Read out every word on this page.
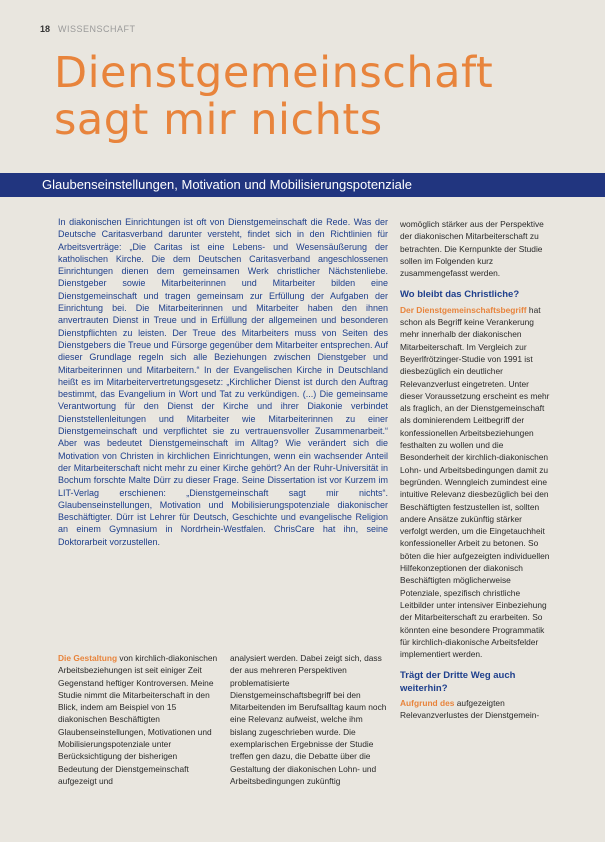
18 WISSENSCHAFT
Dienstgemeinschaft
sagt mir nichts
Glaubenseinstellungen, Motivation und Mobilisierungspotenziale

In diakonischen Einrichtungen ist oft von Dienstgemeinschaft die Rede. Was der Deutsche Caritasverband darunter versteht, findet sich in den Richtlinien für Arbeitsverträge: „Die Caritas ist eine Lebens- und Wesensäußerung der katholischen Kirche. Die dem Deutschen Caritasverband angeschlossenen Einrichtungen dienen dem gemeinsamen Werk christlicher Nächstenliebe. Dienstgeber sowie Mitarbeiterinnen und Mitarbeiter bilden eine Dienstgemeinschaft und tragen gemeinsam zur Erfüllung der Aufgaben der Einrichtung bei. Die Mitarbeiterinnen und Mitarbeiter haben den ihnen anvertrauten Dienst in Treue und in Erfüllung der allgemeinen und besonderen Dienstpflichten zu leisten. Der Treue des Mitarbeiters muss von Seiten des Dienstgebers die Treue und Fürsorge gegenüber dem Mitarbeiter entsprechen. Auf dieser Grundlage regeln sich alle Beziehungen zwischen Dienstgeber und Mitarbeiterinnen und Mitarbeitern.“ In der Evangelischen Kirche in Deutschland heißt es im Mitarbeitervertretungsgesetz: „Kirchlicher Dienst ist durch den Auftrag bestimmt, das Evangelium in Wort und Tat zu verkündigen. (...) Die gemeinsame Verantwortung für den Dienst der Kirche und ihrer Diakonie verbindet Dienststellenleitungen und Mitarbeiter wie Mitarbeiterinnen zu einer Dienstgemeinschaft und verpflichtet sie zu vertrauensvoller Zusammenarbeit.“ Aber was bedeutet Dienstgemeinschaft im Alltag? Wie verändert sich die Motivation von Christen in kirchlichen Einrichtungen, wenn ein wachsender Anteil der Mitarbeiterschaft nicht mehr zu einer Kirche gehört? An der Ruhr-Universität in Bochum forschte Malte Dürr zu dieser Frage. Seine Dissertation ist vor Kurzem im LIT-Verlag erschienen: „Dienstgemeinschaft sagt mir nichts“. Glaubenseinstellungen, Motivation und Mobilisierungspotenziale diakonischer Beschäftigter. Dürr ist Lehrer für Deutsch, Geschichte und evangelische Religion an einem Gymnasium in Nordrhein-Westfalen. ChrisCare hat ihn, seine Doktorarbeit vorzustellen.

Die Gestaltung von kirchlich-diakonischen Arbeitsbeziehungen ist seit einiger Zeit Gegenstand heftiger Kontroversen. Meine Studie nimmt die Mitarbeiterschaft in den Blick, indem am Beispiel von 15 diakonischen Beschäftigten Glaubenseinstellungen, Motivationen und Mobilisierungspotenziale unter Berücksichtigung der bisherigen Bedeutung der Dienstgemeinschaft aufgezeigt und

analysiert werden. Dabei zeigt sich, dass der aus mehreren Perspektiven problematisierte Dienstgemeinschaftsbegriff bei den Mitarbeitenden im Berufsalltag kaum noch eine Relevanz aufweist, welche ihm bislang zugeschrieben wurde. Die exemplarischen Ergebnisse der Studie treffen gen dazu, die Debatte über die Gestaltung der diakonischen Lohn- und Arbeitsbedingungen zukünftig

womöglich stärker aus der Perspektive der diakonischen Mitarbeiterschaft zu betrachten. Die Kernpunkte der Studie sollen im Folgenden kurz zusammengefasst werden.

Wo bleibt das Christliche?

Der Dienstgemeinschaftsbegriff hat schon als Begriff keine Verankerung mehr innerhalb der diakonischen Mitarbeiterschaft. Im Vergleich zur Beyerlfrötzinger-Studie von 1991 ist diesbezüglich ein deutlicher Relevanzverlust eingetreten. Unter dieser Voraussetzung erscheint es mehr als fraglich, an der Dienstgemeinschaft als dominierendem Leitbegriff der konfessionellen Arbeitsbeziehungen festhalten zu wollen und die Besonderheit der kirchlich-diakonischen Lohn- und Arbeitsbedingungen damit zu begründen. Wenngleich zumindest eine intuitive Relevanz diesbezüglich bei den Beschäftigten festzustellen ist, sollten andere Ansätze zukünftig stärker verfolgt werden, um die Eingetauchheit konfessioneller Arbeit zu betonen. So böten die hier aufgezeigten individuellen Hilfekonzeptionen der diakonisch Beschäftigten möglicherweise Potenziale, spezifisch christliche Leitbilder unter intensiver Einbeziehung der Mitarbeiterschaft zu erarbeiten. So könnten eine besondere Programmatik für kirchlich-diakonische Arbeitsfelder implementiert werden.

Trägt der Dritte Weg auch weiterhin?

Aufgrund des aufgezeigten Relevanzverlustes der Dienstgemein-
